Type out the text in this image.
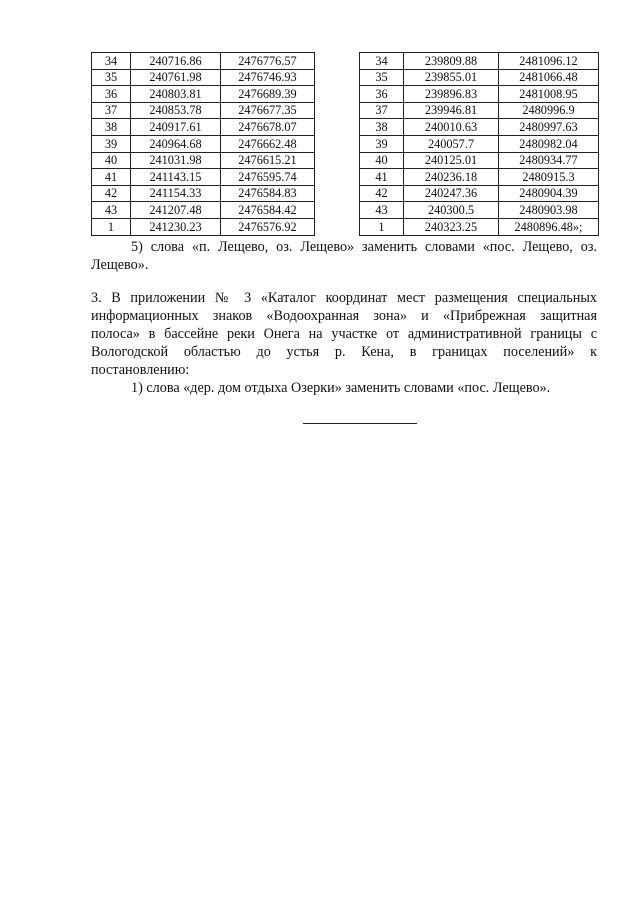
34	240716.86	2476776.57
35	240761.98	2476746.93
36	240803.81	2476689.39
37	240853.78	2476677.35
38	240917.61	2476678.07
39	240964.68	2476662.48
40	241031.98	2476615.21
41	241143.15	2476595.74
42	241154.33	2476584.83
43	241207.48	2476584.42
1	241230.23	2476576.92
34	239809.88	2481096.12
35	239855.01	2481066.48
36	239896.83	2481008.95
37	239946.81	2480996.9
38	240010.63	2480997.63
39	240057.7	2480982.04
40	240125.01	2480934.77
41	240236.18	2480915.3
42	240247.36	2480904.39
43	240300.5	2480903.98
1	240323.25	2480896.48»;
5) слова «п. Лещево, оз. Лещево» заменить словами «пос. Лещево, оз.
Лещево».
3. В приложении № 3 «Каталог координат мест размещения специальных
информационных знаков «Водоохранная зона» и «Прибрежная защитная
полоса» в бассейне реки Онега на участке от административной границы с
Вологодской областью до устья р. Кена, в границах поселений» к
постановлению:
1) слова «дер. дом отдыха Озерки» заменить словами «пос. Лещево».
